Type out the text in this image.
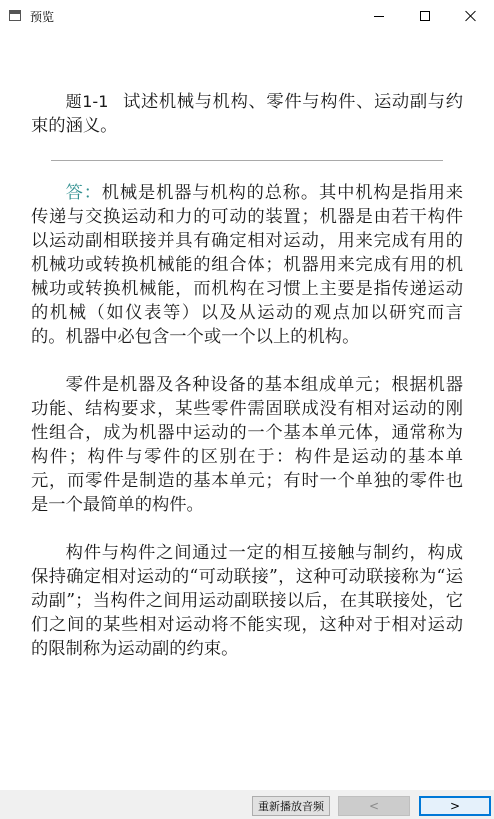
预览

题1-1 试述机械与机构、零件与构件、运动副与约束的涵义。

答：机械是机器与机构的总称。其中机构是指用来传递与交换运动和力的可动的装置；机器是由若干构件以运动副相联接并具有确定相对运动，用来完成有用的机械功或转换机械能的组合体；机器用来完成有用的机械功或转换机械能，而机构在习惯上主要是指传递运动的机械（如仪表等）以及从运动的观点加以研究而言的。机器中必包含一个或一个以上的机构。

零件是机器及各种设备的基本组成单元；根据机器功能、结构要求，某些零件需固联成没有相对运动的刚性组合，成为机器中运动的一个基本单元体，通常称为构件；构件与零件的区别在于：构件是运动的基本单元，而零件是制造的基本单元；有时一个单独的零件也是一个最简单的构件。

构件与构件之间通过一定的相互接触与制约，构成保持确定相对运动的“可动联接”，这种可动联接称为“运动副”；当构件之间用运动副联接以后，在其联接处，它们之间的某些相对运动将不能实现，这种对于相对运动的限制称为运动副的约束。

重新播放音频	<	>
